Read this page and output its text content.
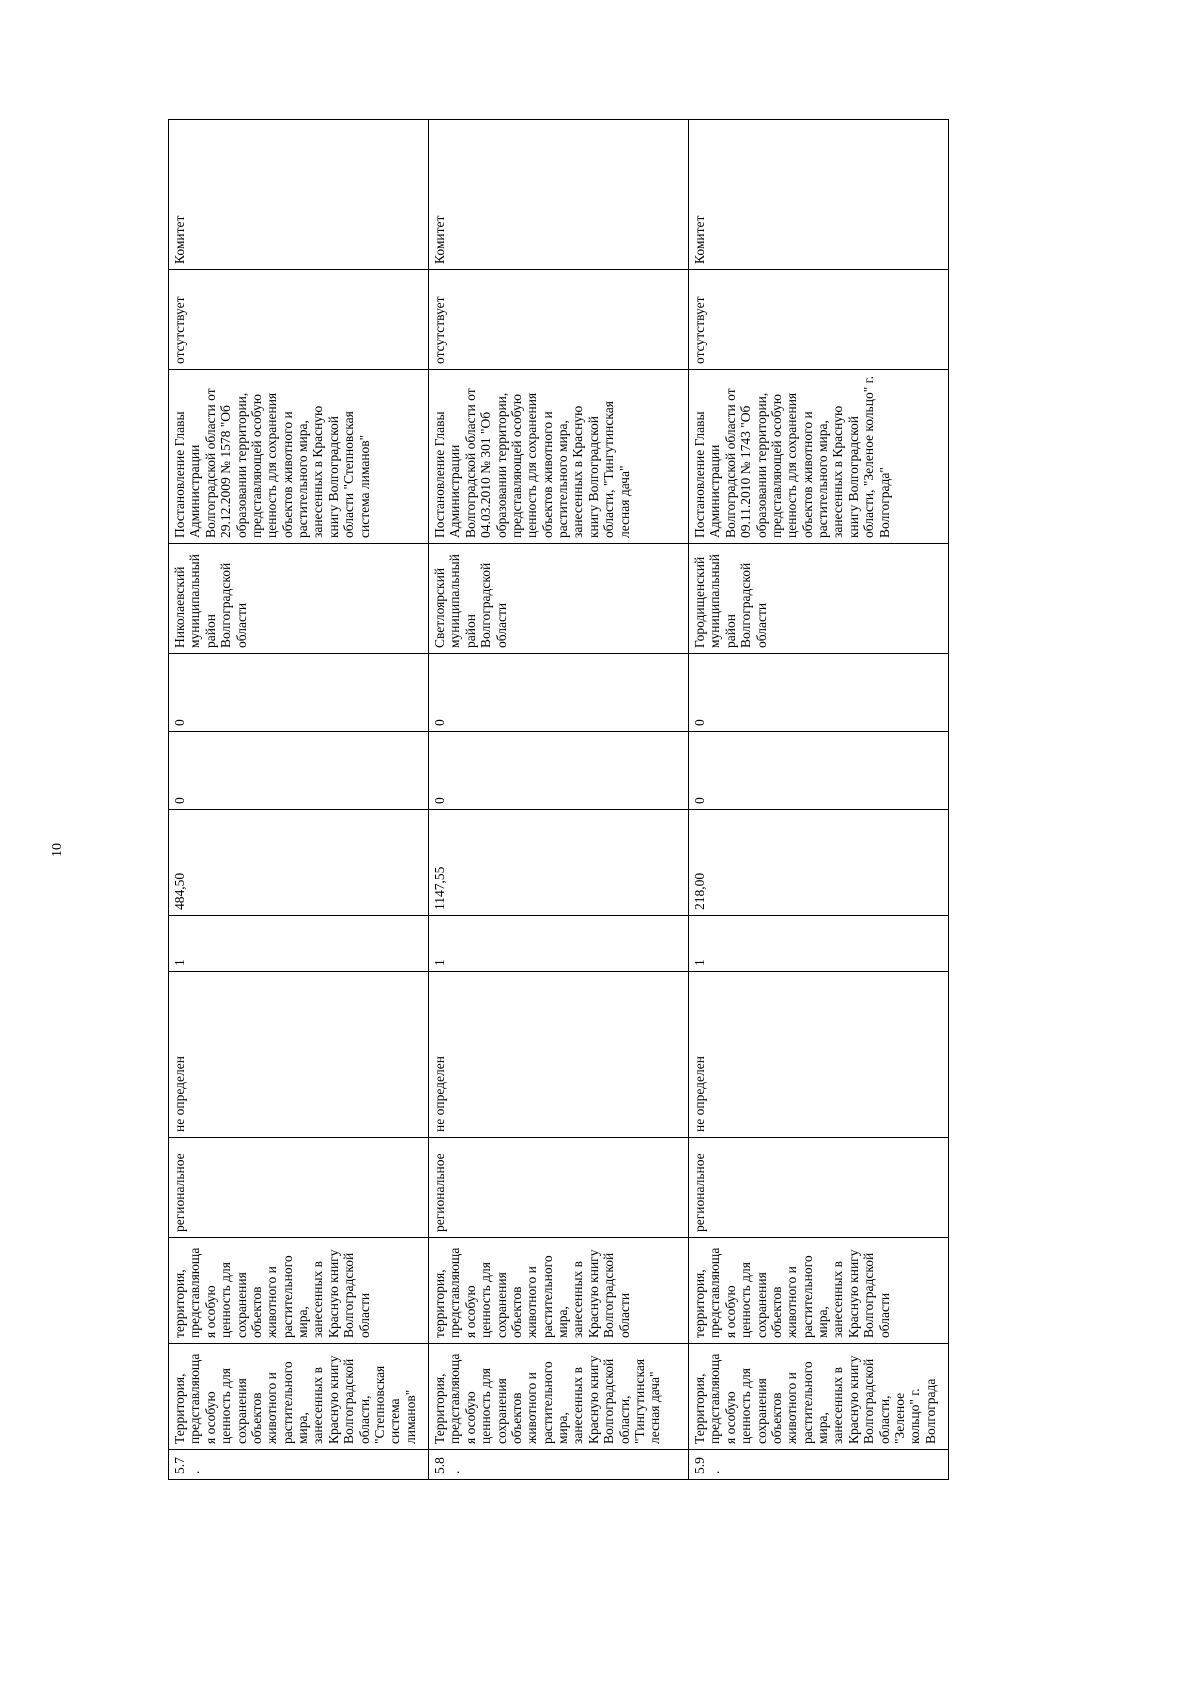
10
5.7.	Территория, представляющая особую ценность для сохранения объектов животного и растительного мира, занесенных в Красную книгу Волгоградской области, "Степновская система лиманов"	территория, представляющая особую ценность для сохранения объектов животного и растительного мира, занесенных в Красную книгу Волгоградской области	региональное	не определен	1	484,50	0	0	Николаевский муниципальный район Волгоградской области	Постановление Главы Администрации Волгоградской области от 29.12.2009 № 1578 "Об образовании территории, представляющей особую ценность для сохранения объектов животного и растительного мира, занесенных в Красную книгу Волгоградской области "Степновская система лиманов"	отсутствует	Комитет
5.8.	Территория, представляющая особую ценность для сохранения объектов животного и растительного мира, занесенных в Красную книгу Волгоградской области, "Тингутинская лесная дача"	территория, представляющая особую ценность для сохранения объектов животного и растительного мира, занесенных в Красную книгу Волгоградской области	региональное	не определен	1	1147,55	0	0	Светлоярский муниципальный район Волгоградской области	Постановление Главы Администрации Волгоградской области от 04.03.2010 № 301 "Об образовании территории, представляющей особую ценность для сохранения объектов животного и растительного мира, занесенных в Красную книгу Волгоградской области, "Тингутинская лесная дача"	отсутствует	Комитет
5.9.	Территория, представляющая особую ценность для сохранения объектов животного и растительного мира, занесенных в Красную книгу Волгоградской области, "Зеленое кольцо" г. Волгограда	территория, представляющая особую ценность для сохранения объектов животного и растительного мира, занесенных в Красную книгу Волгоградской области	региональное	не определен	1	218,00	0	0	Городищенский муниципальный район Волгоградской области	Постановление Главы Администрации Волгоградской области от 09.11.2010 № 1743 "Об образовании территории, представляющей особую ценность для сохранения объектов животного и растительного мира, занесенных в Красную книгу Волгоградской области, "Зеленое кольцо" г. Волгограда"	отсутствует	Комитет
